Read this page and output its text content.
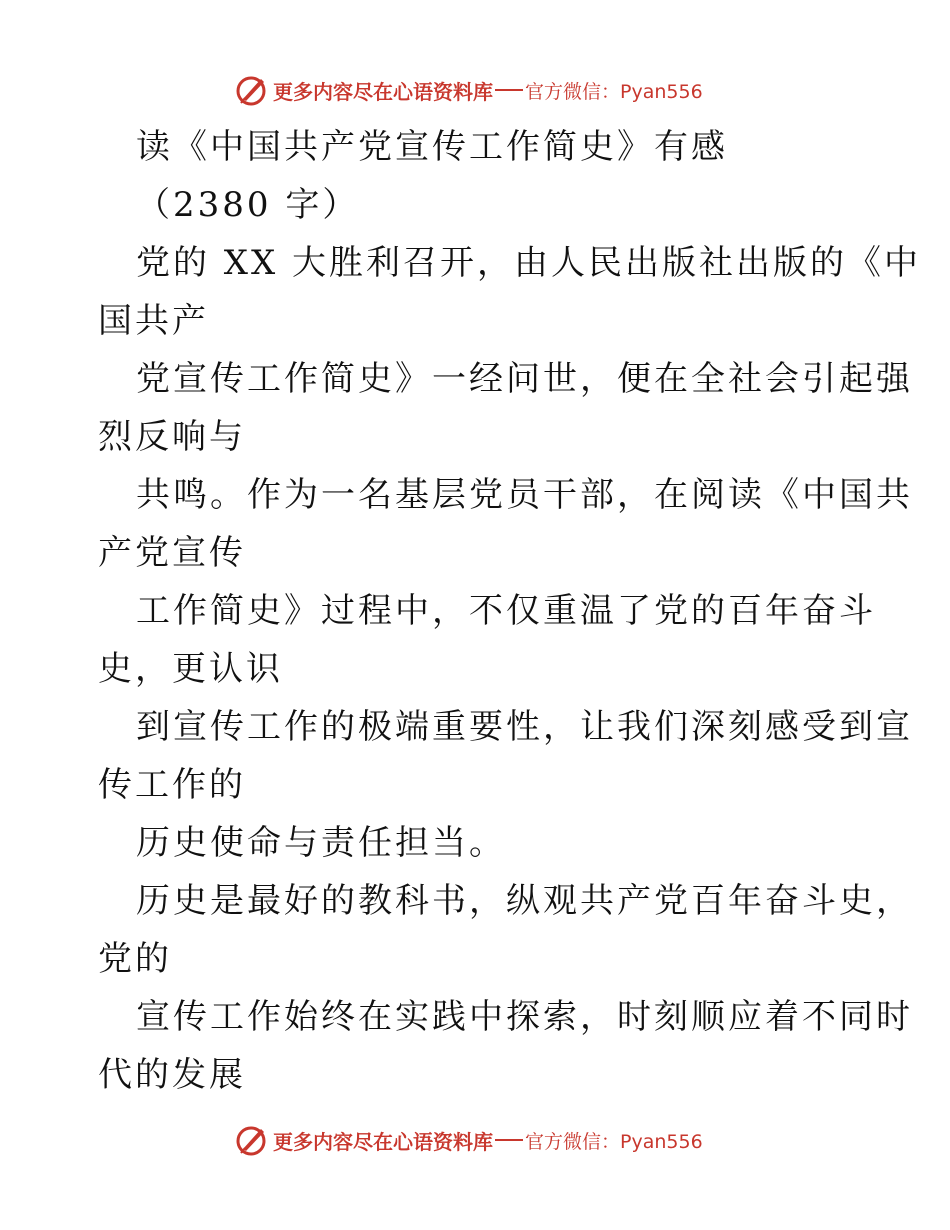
更多内容尽在心语资料库 官方微信：Pyan556
读《中国共产党宣传工作简史》有感
（2380 字）
党的 XX 大胜利召开，由人民出版社出版的《中
国共产
党宣传工作简史》一经问世，便在全社会引起强
烈反响与
共鸣。作为一名基层党员干部，在阅读《中国共
产党宣传
工作简史》过程中，不仅重温了党的百年奋斗
史，更认识
到宣传工作的极端重要性，让我们深刻感受到宣
传工作的
历史使命与责任担当。
历史是最好的教科书，纵观共产党百年奋斗史，
党的
宣传工作始终在实践中探索，时刻顺应着不同时
代的发展
更多内容尽在心语资料库 官方微信：Pyan556
